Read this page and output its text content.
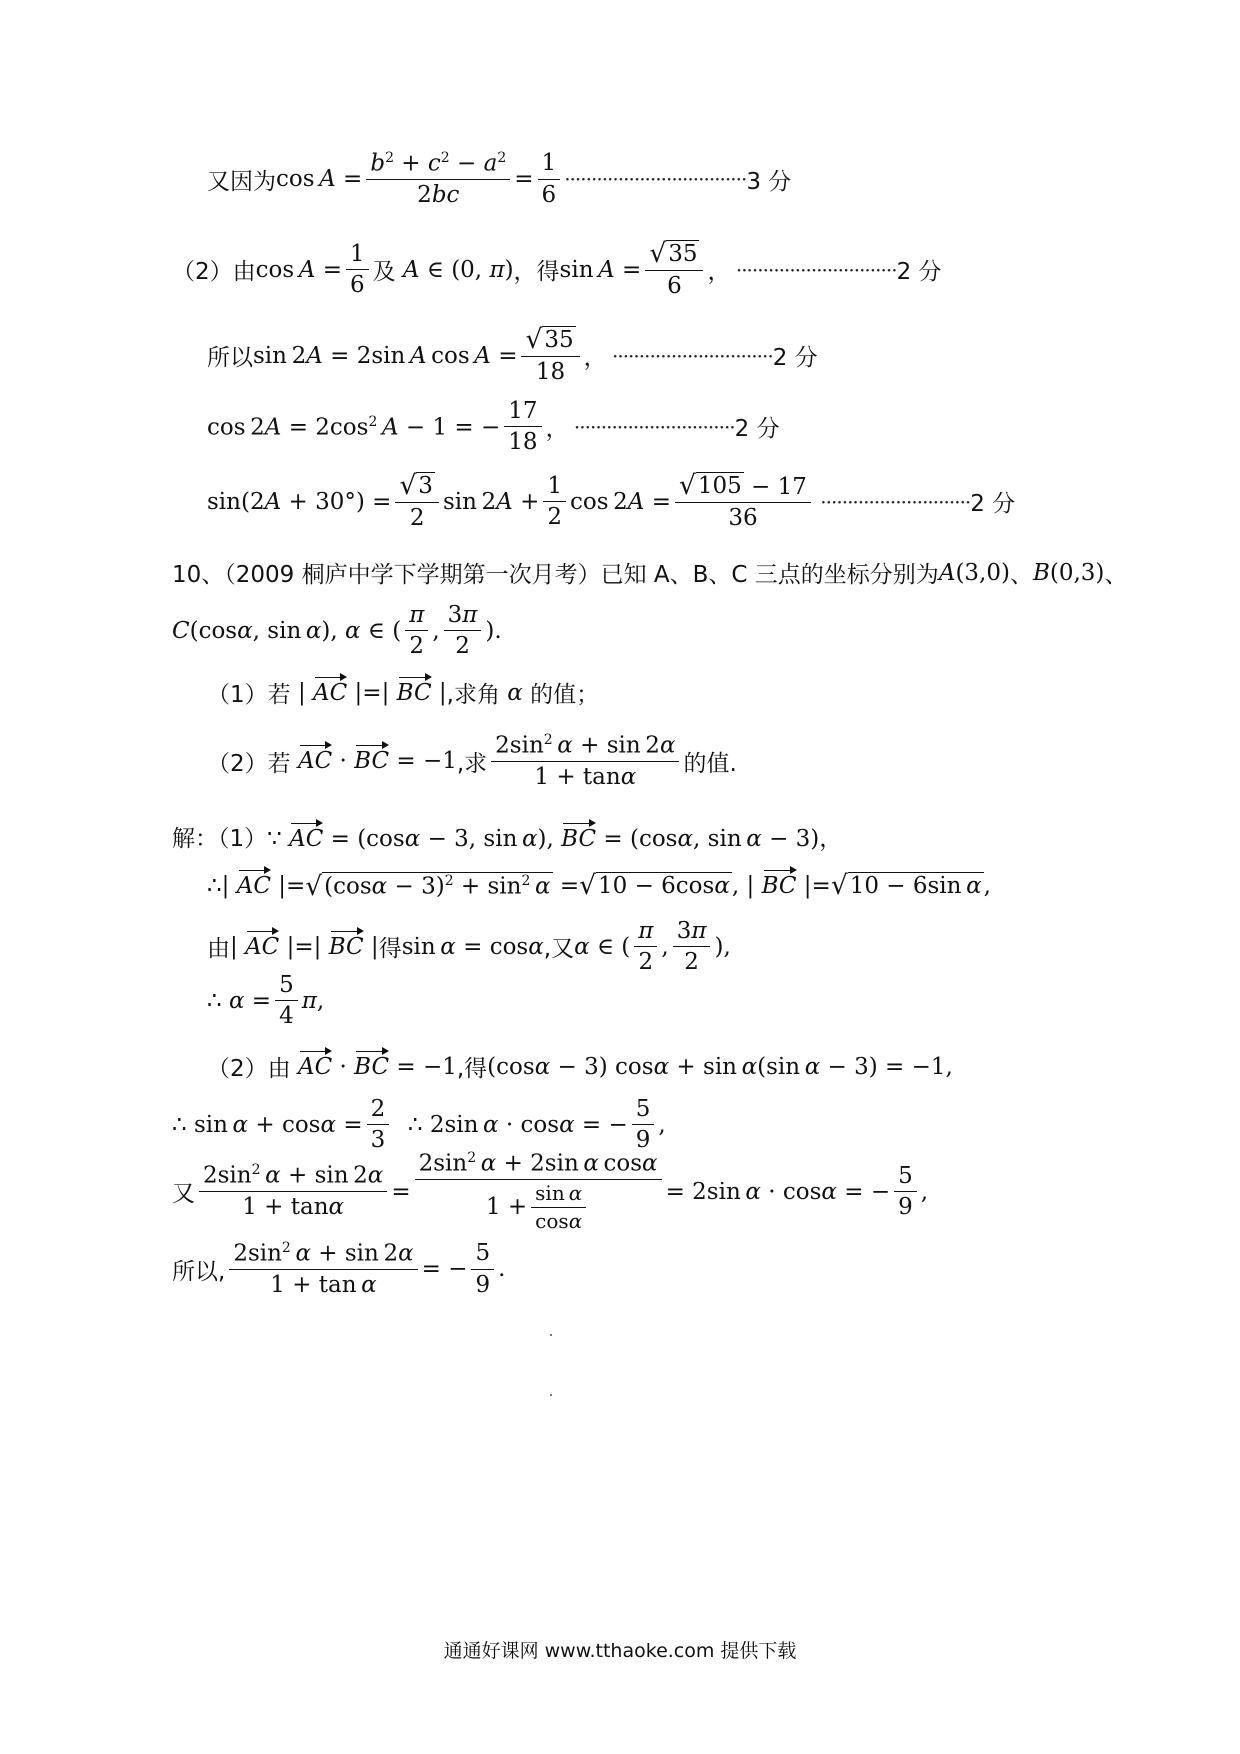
又因为 $\cos A = \frac{b^2 + c^2 - a^2}{2bc} = \frac{1}{6}$ ·································· 3 分
（2）由 $\cos A = \frac{1}{6}$ 及 A ∈ (0, π) ，得 $\sin A = \frac{√ 35}{6}$ ， ······························ 2 分
所以 sin 2A = 2sin A $\cos A = \frac{√ 35}{18}$ ， ······························ 2 分
$\cos 2A = 2\cos^2$  A − 1 = − $\frac{17}{18}$ ， ······························ 2 分
$\sin(2A + 30^\circ) = \frac{√ 3}{2}$ $\sin 2A + \frac{1}{2}$ $\cos 2A = \frac{√ 105 - 17}{36}$ ···························· 2 分
10、（2009 桐庐中学下学期第一次月考）已知 A、B、C 三点的坐标分别为 A(3,0) 、 B(0,3) 、
C(cosα, sin α), α ∈ ( $\frac{\pi}{2}$ , $\frac{3\pi}{2}$ ).
（1）若 | AC |=| BC | ,求角 α 的值；
（2）若 AC · BC = −1 ,求 $\frac{2\sin^2 \alpha + \sin 2\alpha}{1 + \tan\alpha}$ 的值.
解：（1） ∵ AC = (cosα − 3, sin α), BC = (cosα, sin α − 3)，
∴| AC |= √ $(\cos\alpha - 3)^2 + \sin^2 \alpha$ = √ 10 − 6cosα , | BC |= √ 10 − 6sin α ,
由 | AC |=| BC | 得 sin α = cosα ,又 α ∈ ( $\frac{\pi}{2}$ , $\frac{3\pi}{2}$ ),
∴ $\alpha = \frac{5}{4}$ π ,
（2）由 AC · BC = −1 ,得 (cosα − 3) cosα + sin α(sin α − 3) = −1,
∴ $\sin \alpha + \cos\alpha = \frac{2}{3}$ ∴ 2sin α · cosα = − $\frac{5}{9}$ ,
又 $\frac{2\sin^2 \alpha + \sin 2\alpha}{1 + \tan\alpha} = \frac{2\sin^2 \alpha + 2\sin \alpha \cos\alpha}{1 + \frac{\text{sin α}}{\cos\alpha}} = 2\sin$ α · cosα = − $\frac{5}{9}$ ,
所以, $\frac{2\sin^2 \alpha + \sin 2\alpha}{\text{1 + tan α}}$ = − $\frac{5}{9}$ .
通通好课网 www.tthaoke.com 提供下载
